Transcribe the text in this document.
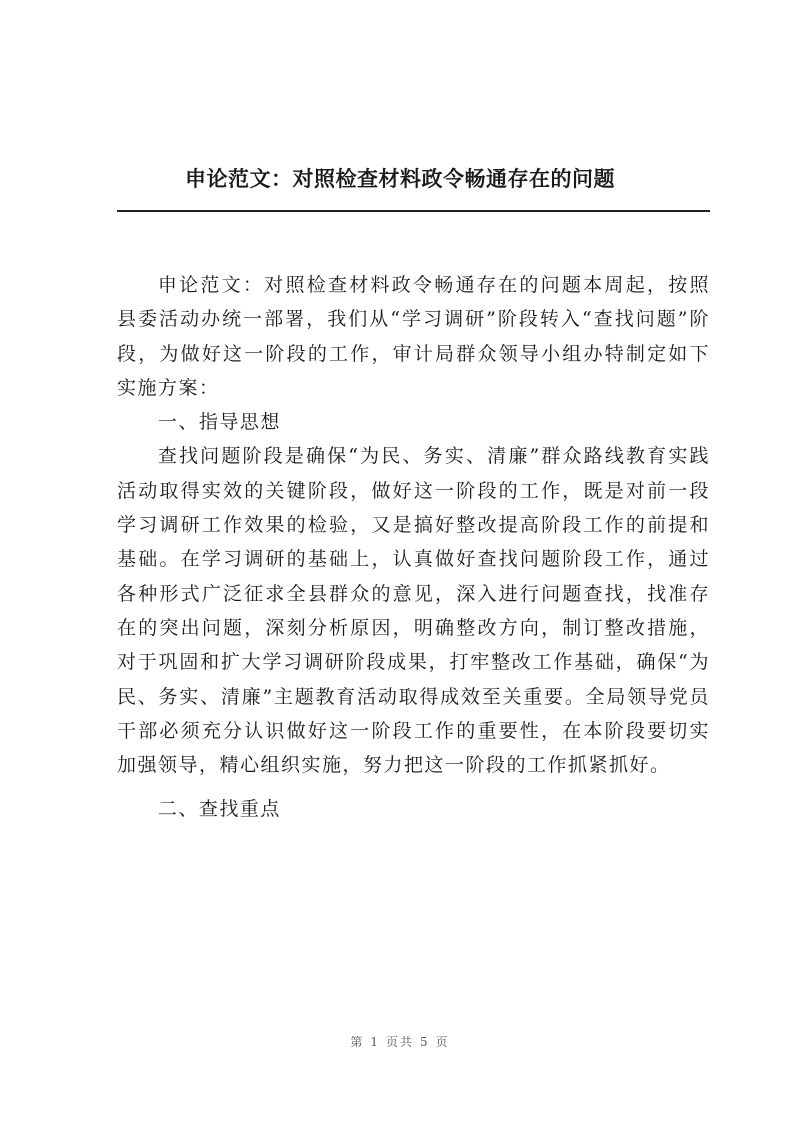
申论范文：对照检查材料政令畅通存在的问题

申论范文：对照检查材料政令畅通存在的问题本周起，按照县委活动办统一部署，我们从“学习调研”阶段转入“查找问题”阶段，为做好这一阶段的工作，审计局群众领导小组办特制定如下实施方案：

一、指导思想

查找问题阶段是确保“为民、务实、清廉”群众路线教育实践活动取得实效的关键阶段，做好这一阶段的工作，既是对前一段学习调研工作效果的检验，又是搞好整改提高阶段工作的前提和基础。在学习调研的基础上，认真做好查找问题阶段工作，通过各种形式广泛征求全县群众的意见，深入进行问题查找，找准存在的突出问题，深刻分析原因，明确整改方向，制订整改措施，对于巩固和扩大学习调研阶段成果，打牢整改工作基础，确保“为民、务实、清廉”主题教育活动取得成效至关重要。全局领导党员干部必须充分认识做好这一阶段工作的重要性，在本阶段要切实加强领导，精心组织实施，努力把这一阶段的工作抓紧抓好。

二、查找重点

第 1 页共 5 页
